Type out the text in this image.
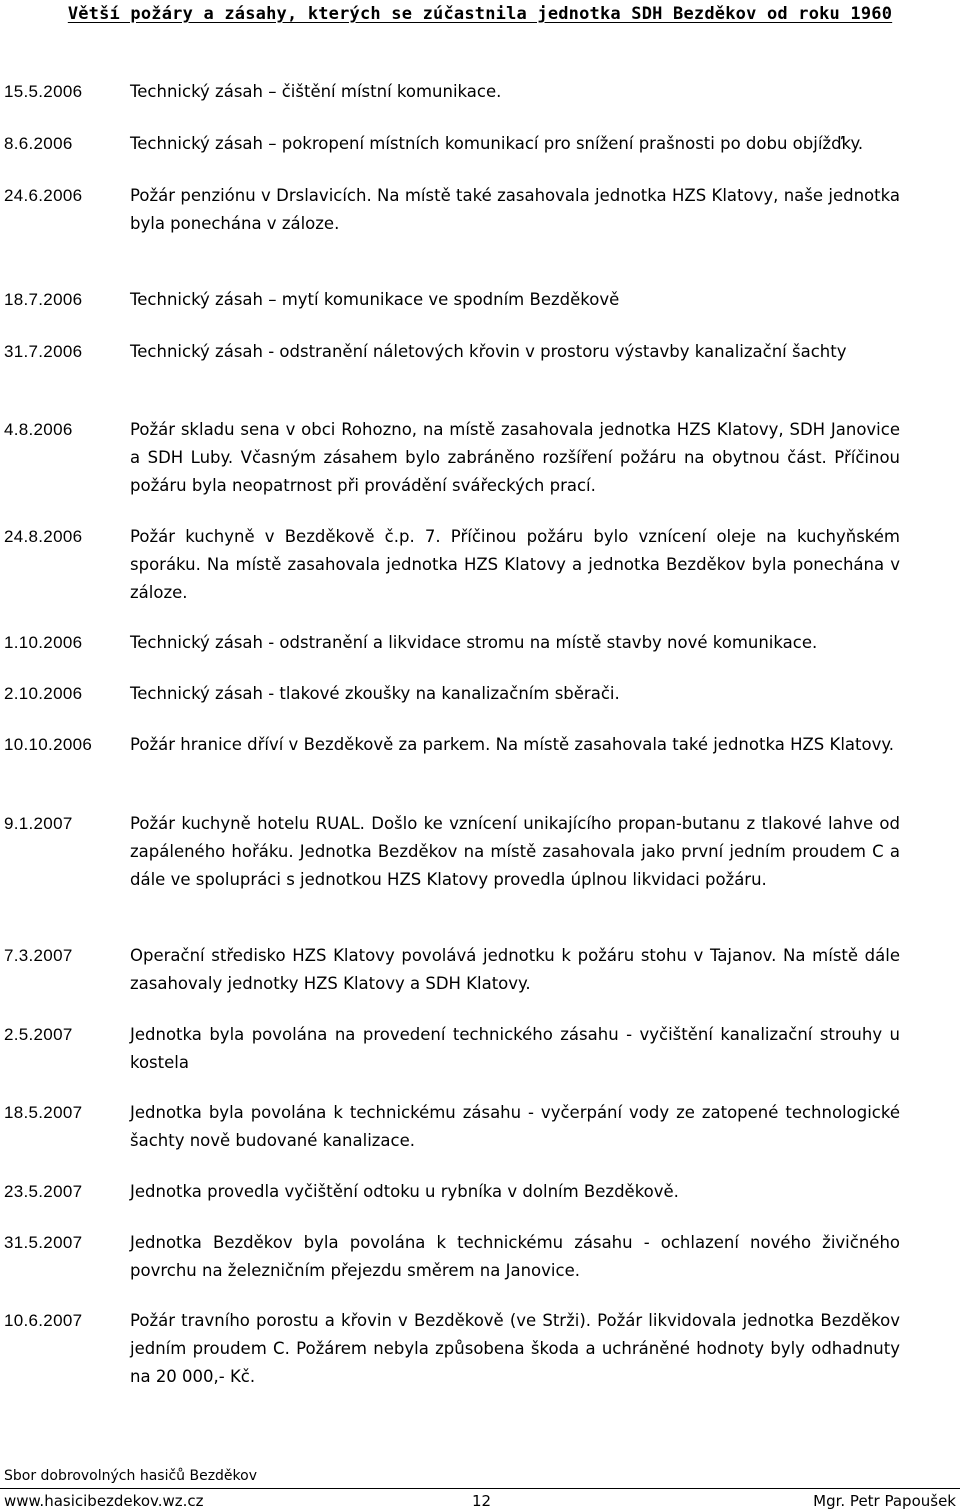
Větší požáry a zásahy, kterých se zúčastnila jednotka SDH Bezděkov od roku 1960
15.5.2006	Technický zásah – čištění místní komunikace.
8.6.2006	Technický zásah – pokropení místních komunikací pro snížení prašnosti po dobu objížďky.
24.6.2006	Požár penziónu v Drslavicích. Na místě také zasahovala jednotka HZS Klatovy, naše jednotka byla ponechána v záloze.
18.7.2006	Technický zásah – mytí komunikace ve spodním Bezděkově
31.7.2006	Technický zásah - odstranění náletových křovin v prostoru výstavby kanalizační šachty
4.8.2006	Požár skladu sena v obci Rohozno, na místě zasahovala jednotka HZS Klatovy, SDH Janovice a SDH Luby. Včasným zásahem bylo zabráněno rozšíření požáru na obytnou část. Příčinou požáru byla neopatrnost při provádění svářeckých prací.
24.8.2006	Požár kuchyně v Bezděkově č.p. 7. Příčinou požáru bylo vznícení oleje na kuchyňském sporáku. Na místě zasahovala jednotka HZS Klatovy a jednotka Bezděkov byla ponechána v záloze.
1.10.2006	Technický zásah - odstranění a likvidace stromu na místě stavby nové komunikace.
2.10.2006	Technický zásah - tlakové zkoušky na kanalizačním sběrači.
10.10.2006 Požár hranice dříví v Bezděkově za parkem. Na místě zasahovala také jednotka HZS Klatovy.
9.1.2007	Požár kuchyně hotelu RUAL. Došlo ke vznícení unikajícího propan-butanu z tlakové lahve od zapáleného hořáku. Jednotka Bezděkov na místě zasahovala jako první jedním proudem C a dále ve spolupráci s jednotkou HZS Klatovy provedla úplnou likvidaci požáru.
7.3.2007	Operační středisko HZS Klatovy povolává jednotku k požáru stohu v Tajanov. Na místě dále zasahovaly jednotky HZS Klatovy a SDH Klatovy.
2.5.2007	Jednotka byla povolána na provedení technického zásahu - vyčištění kanalizační strouhy u kostela
18.5.2007	Jednotka byla povolána k technickému zásahu - vyčerpání vody ze zatopené technologické šachty nově budované kanalizace.
23.5.2007	Jednotka provedla vyčištění odtoku u rybníka v dolním Bezděkově.
31.5.2007	Jednotka Bezděkov byla povolána k technickému zásahu - ochlazení nového živičného povrchu na železničním přejezdu směrem na Janovice.
10.6.2007	Požár travního porostu a křovin v Bezděkově (ve Strži). Požár likvidovala jednotka Bezděkov jedním proudem C. Požárem nebyla způsobena škoda a uchráněné hodnoty byly odhadnuty na 20 000,- Kč.
Sbor dobrovolných hasičů Bezděkov
www.hasicibezdekov.wz.cz	12	Mgr. Petr Papoušek
